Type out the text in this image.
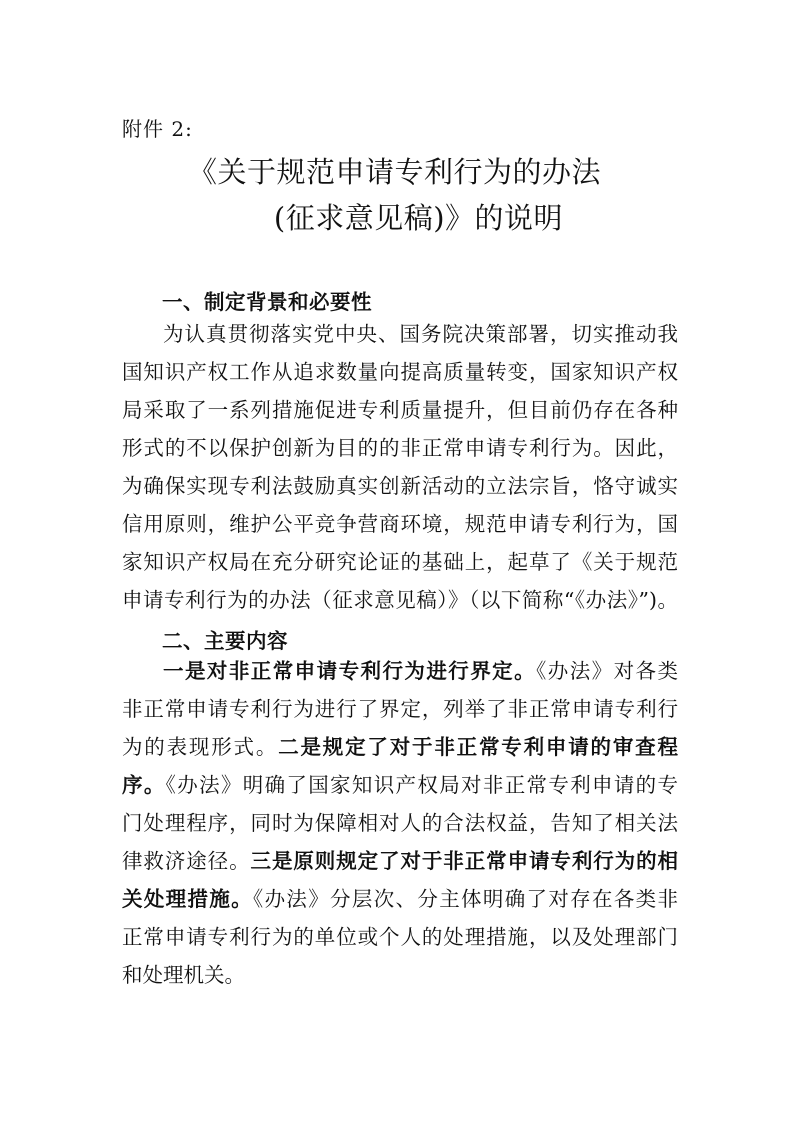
附件 2:
《关于规范申请专利行为的办法
(征求意见稿)》的说明
一、制定背景和必要性
为认真贯彻落实党中央、国务院决策部署，切实推动我
国知识产权工作从追求数量向提高质量转变，国家知识产权
局采取了一系列措施促进专利质量提升，但目前仍存在各种
形式的不以保护创新为目的的非正常申请专利行为。因此，
为确保实现专利法鼓励真实创新活动的立法宗旨，恪守诚实
信用原则，维护公平竞争营商环境，规范申请专利行为，国
家知识产权局在充分研究论证的基础上，起草了《关于规范
申请专利行为的办法（征求意见稿）》（以下简称“《办法》”)。
二、主要内容
一是对非正常申请专利行为进行界定。《办法》对各类
非正常申请专利行为进行了界定，列举了非正常申请专利行
为的表现形式。二是规定了对于非正常专利申请的审查程
序。《办法》明确了国家知识产权局对非正常专利申请的专
门处理程序，同时为保障相对人的合法权益，告知了相关法
律救济途径。三是原则规定了对于非正常申请专利行为的相
关处理措施。《办法》分层次、分主体明确了对存在各类非
正常申请专利行为的单位或个人的处理措施，以及处理部门
和处理机关。
